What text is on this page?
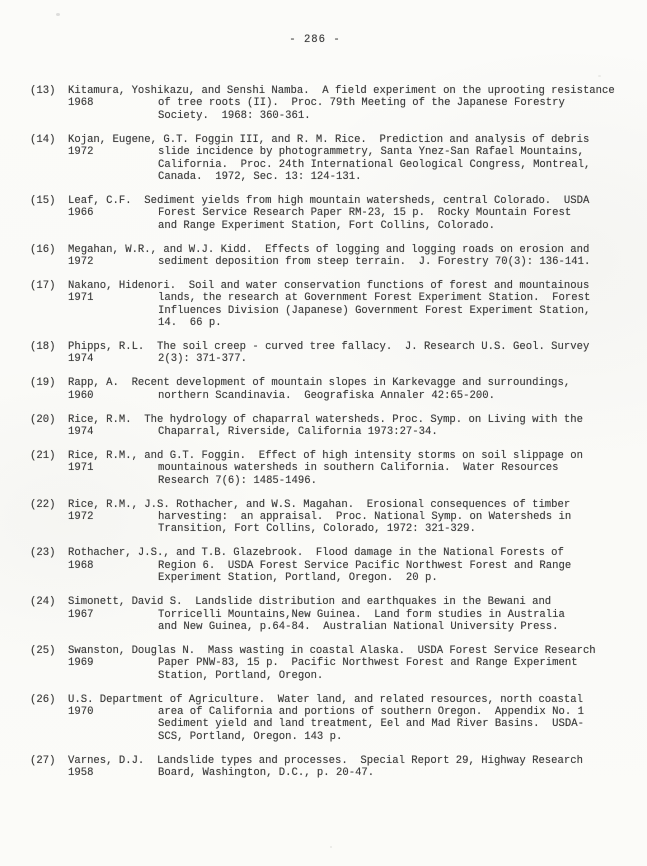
- 286 -
(13)	Kitamura, Yoshikazu, and Senshi Namba.  A field experiment on the uprooting resistance
1968	of tree roots (II).  Proc. 79th Meeting of the Japanese Forestry
Society.  1968: 360-361.
(14)	Kojan, Eugene, G.T. Foggin III, and R. M. Rice.  Prediction and analysis of debris
1972	slide incidence by photogrammetry, Santa Ynez-San Rafael Mountains,
California.  Proc. 24th International Geological Congress, Montreal,
Canada.  1972, Sec. 13: 124-131.
(15)	Leaf, C.F.  Sediment yields from high mountain watersheds, central Colorado.  USDA
1966	Forest Service Research Paper RM-23, 15 p.  Rocky Mountain Forest
and Range Experiment Station, Fort Collins, Colorado.
(16)	Megahan, W.R., and W.J. Kidd.  Effects of logging and logging roads on erosion and
1972	sediment deposition from steep terrain.  J. Forestry 70(3): 136-141.
(17)	Nakano, Hidenori.  Soil and water conservation functions of forest and mountainous
1971	lands, the research at Government Forest Experiment Station.  Forest
Influences Division (Japanese) Government Forest Experiment Station,
14.  66 p.
(18)	Phipps, R.L.  The soil creep - curved tree fallacy.  J. Research U.S. Geol. Survey
1974	2(3): 371-377.
(19)	Rapp, A.  Recent development of mountain slopes in Karkevagge and surroundings,
1960	northern Scandinavia.  Geografiska Annaler 42:65-200.
(20)	Rice, R.M.  The hydrology of chaparral watersheds. Proc. Symp. on Living with the
1974	Chaparral, Riverside, California 1973:27-34.
(21)	Rice, R.M., and G.T. Foggin.  Effect of high intensity storms on soil slippage on
1971	mountainous watersheds in southern California.  Water Resources
Research 7(6): 1485-1496.
(22)	Rice, R.M., J.S. Rothacher, and W.S. Magahan.  Erosional consequences of timber
1972	harvesting:  an appraisal.  Proc. National Symp. on Watersheds in
Transition, Fort Collins, Colorado, 1972: 321-329.
(23)	Rothacher, J.S., and T.B. Glazebrook.  Flood damage in the National Forests of
1968	Region 6.  USDA Forest Service Pacific Northwest Forest and Range
Experiment Station, Portland, Oregon.  20 p.
(24)	Simonett, David S.  Landslide distribution and earthquakes in the Bewani and
1967	Torricelli Mountains,New Guinea.  Land form studies in Australia
and New Guinea, p.64-84.  Australian National University Press.
(25)	Swanston, Douglas N.  Mass wasting in coastal Alaska.  USDA Forest Service Research
1969	Paper PNW-83, 15 p.  Pacific Northwest Forest and Range Experiment
Station, Portland, Oregon.
(26)	U.S. Department of Agriculture.  Water land, and related resources, north coastal
1970	area of California and portions of southern Oregon.  Appendix No. 1
Sediment yield and land treatment, Eel and Mad River Basins.  USDA-
SCS, Portland, Oregon. 143 p.
(27)	Varnes, D.J.  Landslide types and processes.  Special Report 29, Highway Research
1958	Board, Washington, D.C., p. 20-47.
